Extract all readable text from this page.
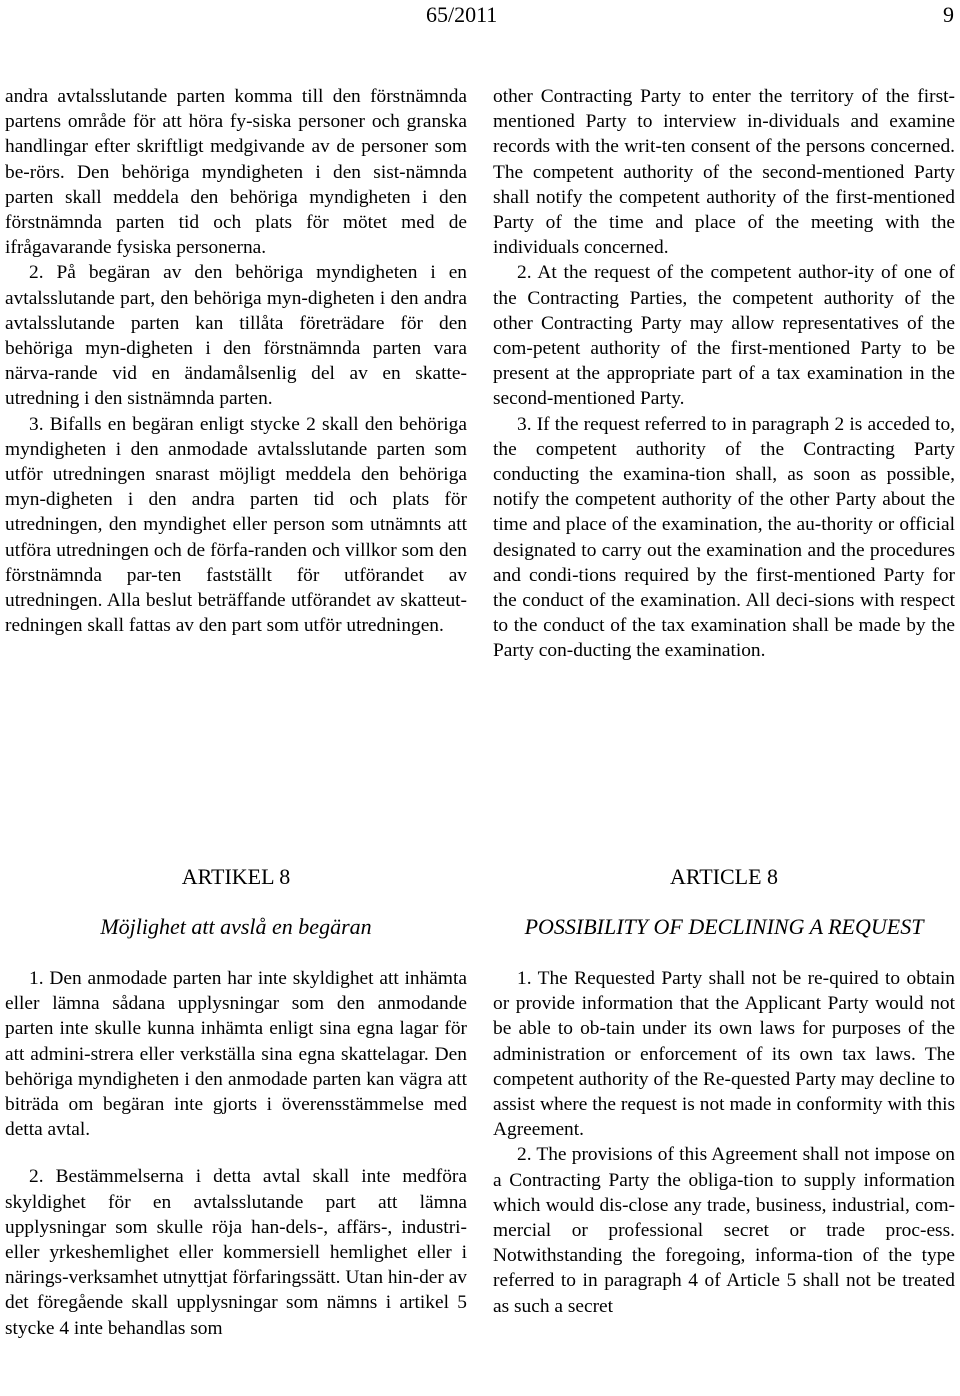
65/2011	9

andra avtalsslutande parten komma till den förstnämnda partens område för att höra fy-siska personer och granska handlingar efter skriftligt medgivande av de personer som be-rörs. Den behöriga myndigheten i den sist-nämnda parten skall meddela den behöriga myndigheten i den förstnämnda parten tid och plats för mötet med de ifrågavarande fysiska personerna.

2. På begäran av den behöriga myndigheten i en avtalsslutande part, den behöriga myn-digheten i den andra avtalsslutande parten kan tillåta företrädare för den behöriga myn-digheten i den förstnämnda parten vara närva-rande vid en ändamålsenlig del av en skatte-utredning i den sistnämnda parten.

3. Bifalls en begäran enligt stycke 2 skall den behöriga myndigheten i den anmodade avtalsslutande parten som utför utredningen snarast möjligt meddela den behöriga myn-digheten i den andra parten tid och plats för utredningen, den myndighet eller person som utnämnts att utföra utredningen och de förfa-randen och villkor som den förstnämnda par-ten fastställt för utförandet av utredningen. Alla beslut beträffande utförandet av skatteut-redningen skall fattas av den part som utför utredningen.

other Contracting Party to enter the territory of the first-mentioned Party to interview in-dividuals and examine records with the writ-ten consent of the persons concerned. The competent authority of the second-mentioned Party shall notify the competent authority of the first-mentioned Party of the time and place of the meeting with the individuals concerned.

2. At the request of the competent author-ity of one of the Contracting Parties, the competent authority of the other Contracting Party may allow representatives of the com-petent authority of the first-mentioned Party to be present at the appropriate part of a tax examination in the second-mentioned Party.

3. If the request referred to in paragraph 2 is acceded to, the competent authority of the Contracting Party conducting the examina-tion shall, as soon as possible, notify the competent authority of the other Party about the time and place of the examination, the au-thority or official designated to carry out the examination and the procedures and condi-tions required by the first-mentioned Party for the conduct of the examination. All deci-sions with respect to the conduct of the tax examination shall be made by the Party con-ducting the examination.

ARTIKEL 8	ARTICLE 8
Möjlighet att avslå en begäran	POSSIBILITY OF DECLINING A REQUEST

1. Den anmodade parten har inte skyldighet att inhämta eller lämna sådana upplysningar som den anmodande parten inte skulle kunna inhämta enligt sina egna lagar för att admini-strera eller verkställa sina egna skattelagar. Den behöriga myndigheten i den anmodade parten kan vägra att biträda om begäran inte gjorts i överensstämmelse med detta avtal.

2. Bestämmelserna i detta avtal skall inte medföra skyldighet för en avtalsslutande part att lämna upplysningar som skulle röja han-dels-, affärs-, industri- eller yrkeshemlighet eller kommersiell hemlighet eller i närings-verksamhet utnyttjat förfaringssätt. Utan hin-der av det föregående skall upplysningar som nämns i artikel 5 stycke 4 inte behandlas som

1. The Requested Party shall not be re-quired to obtain or provide information that the Applicant Party would not be able to ob-tain under its own laws for purposes of the administration or enforcement of its own tax laws. The competent authority of the Re-quested Party may decline to assist where the request is not made in conformity with this Agreement.

2. The provisions of this Agreement shall not impose on a Contracting Party the obliga-tion to supply information which would dis-close any trade, business, industrial, com-mercial or professional secret or trade proc-ess. Notwithstanding the foregoing, informa-tion of the type referred to in paragraph 4 of Article 5 shall not be treated as such a secret
